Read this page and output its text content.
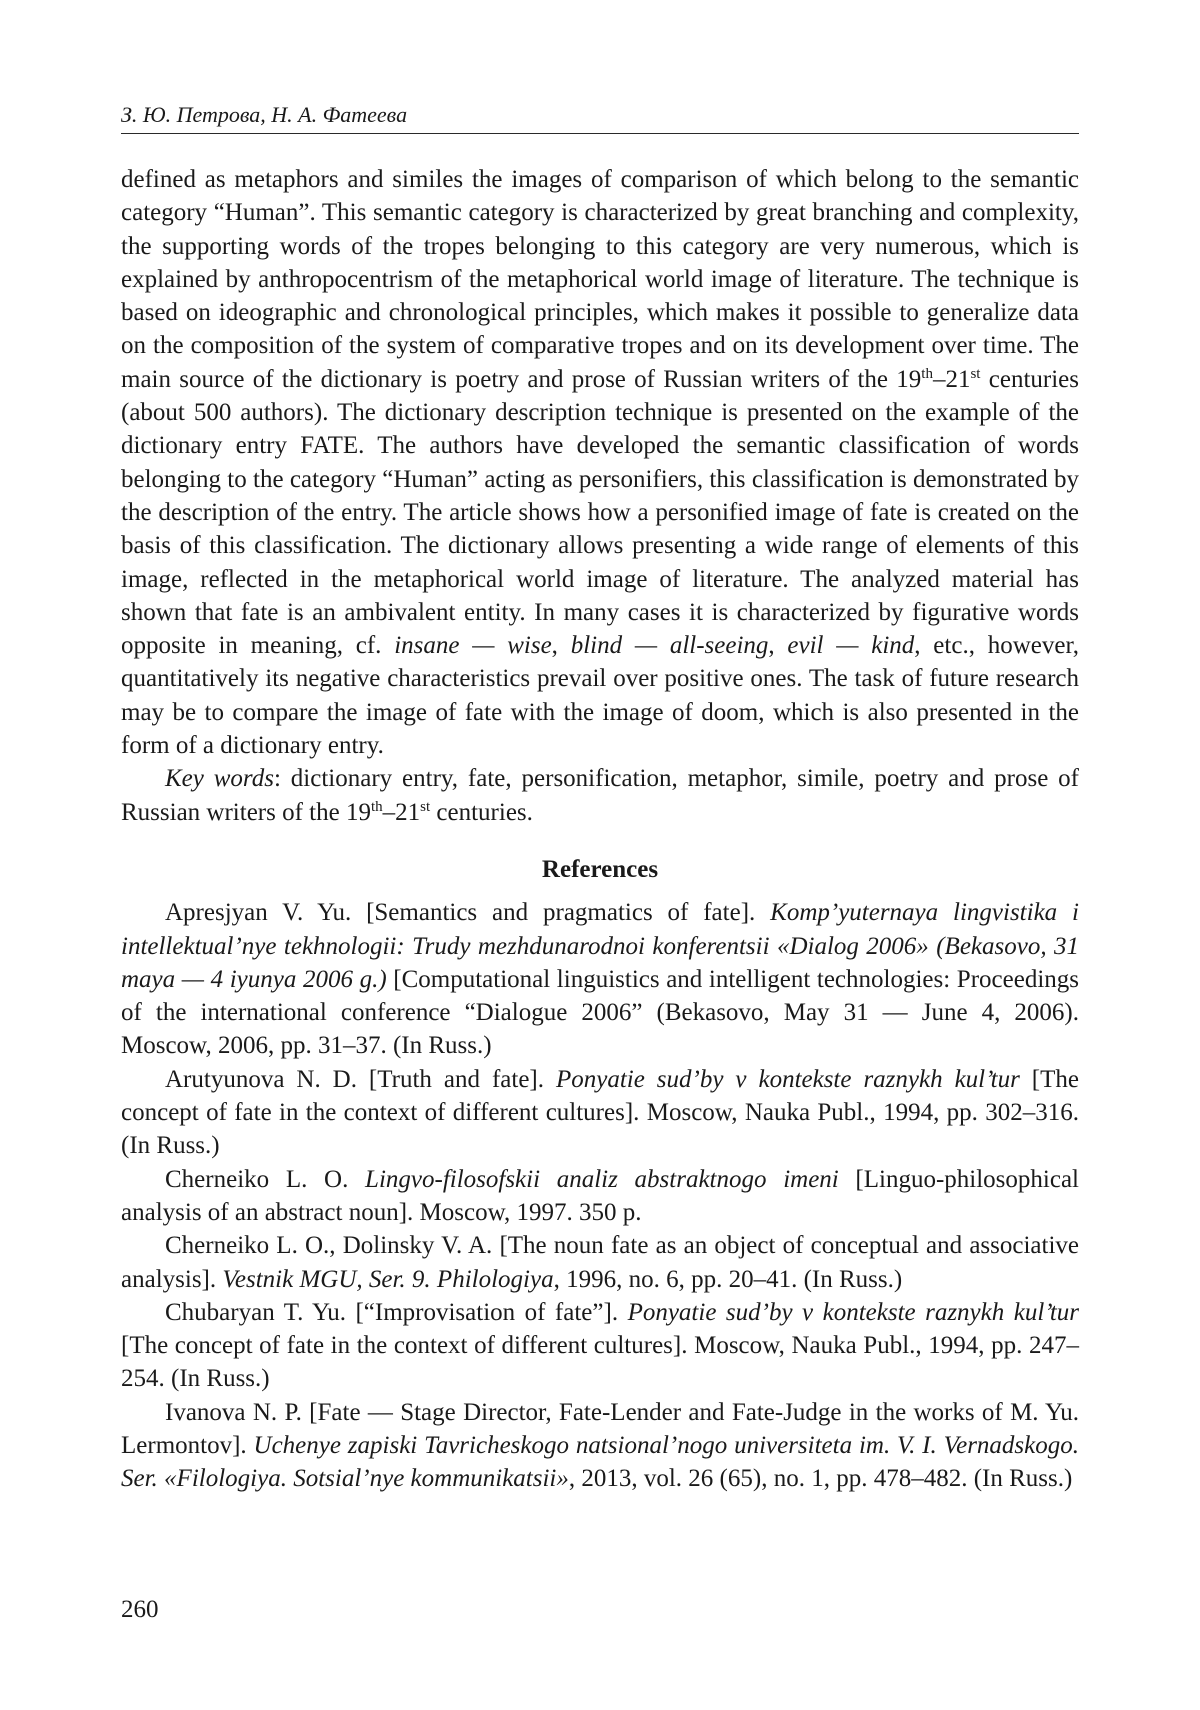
З. Ю. Петрова, Н. А. Фатеева

defined as metaphors and similes the images of comparison of which belong to the semantic category “Human”. This semantic category is characterized by great branching and complexity, the supporting words of the tropes belonging to this category are very numerous, which is explained by anthropocentrism of the metaphorical world image of literature. The technique is based on ideographic and chronological principles, which makes it possible to generalize data on the composition of the system of comparative tropes and on its development over time. The main source of the dictionary is poetry and prose of Russian writers of the 19th–21st centuries (about 500 authors). The dictionary description technique is presented on the example of the dictionary entry FATE. The authors have developed the semantic classification of words belonging to the category “Human” acting as personifiers, this classification is demonstrated by the description of the entry. The article shows how a personified image of fate is created on the basis of this classification. The dictionary allows presenting a wide range of elements of this image, reflected in the metaphorical world image of literature. The analyzed material has shown that fate is an ambivalent entity. In many cases it is characterized by figurative words opposite in meaning, cf. insane — wise, blind — all-seeing, evil — kind, etc., however, quantitatively its negative characteristics prevail over positive ones. The task of future research may be to compare the image of fate with the image of doom, which is also presented in the form of a dictionary entry.

Key words: dictionary entry, fate, personification, metaphor, simile, poetry and prose of Russian writers of the 19th–21st centuries.

References

Apresjyan V. Yu. [Semantics and pragmatics of fate]. Komp’yuternaya lingvistika i intellektual’nye tekhnologii: Trudy mezhdunarodnoi konferentsii «Dialog 2006» (Bekasovo, 31 maya — 4 iyunya 2006 g.) [Computational linguistics and intelligent technologies: Proceedings of the international conference “Dialogue 2006” (Bekasovo, May 31 — June 4, 2006). Moscow, 2006, pp. 31–37. (In Russ.)

Arutyunova N. D. [Truth and fate]. Ponyatie sud’by v kontekste raznykh kul’tur [The concept of fate in the context of different cultures]. Moscow, Nauka Publ., 1994, pp. 302–316. (In Russ.)

Cherneiko L. O. Lingvo-filosofskii analiz abstraktnogo imeni [Linguo-philosophical analysis of an abstract noun]. Moscow, 1997. 350 p.

Cherneiko L. O., Dolinsky V. A. [The noun fate as an object of conceptual and associative analysis]. Vestnik MGU, Ser. 9. Philologiya, 1996, no. 6, pp. 20–41. (In Russ.)

Chubaryan T. Yu. [“Improvisation of fate”]. Ponyatie sud’by v kontekste raznykh kul’tur [The concept of fate in the context of different cultures]. Moscow, Nauka Publ., 1994, pp. 247–254. (In Russ.)

Ivanova N. P. [Fate — Stage Director, Fate-Lender and Fate-Judge in the works of M. Yu. Lermontov]. Uchenye zapiski Tavricheskogo natsional’nogo universiteta im. V. I. Vernadskogo. Ser. «Filologiya. Sotsial’nye kommunikatsii», 2013, vol. 26 (65), no. 1, pp. 478–482. (In Russ.)

260
